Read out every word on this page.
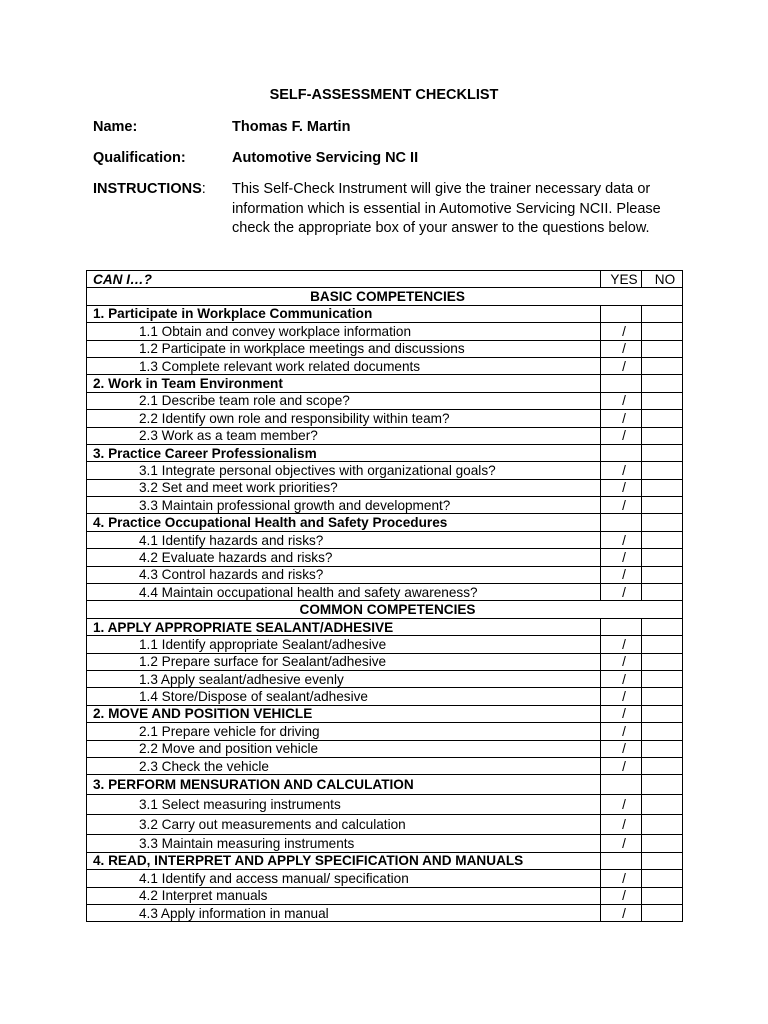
SELF-ASSESSMENT CHECKLIST
Name:	Thomas F. Martin
Qualification:	Automotive Servicing NC II
INSTRUCTIONS: This Self-Check Instrument will give the trainer necessary data or information which is essential in Automotive Servicing NCII. Please check the appropriate box of your answer to the questions below.
CAN I…?	YES	NO
BASIC COMPETENCIES		
1. Participate in Workplace Communication		
1.1 Obtain and convey workplace information	/	
1.2 Participate in workplace meetings and discussions	/	
1.3 Complete relevant work related documents	/	
2. Work in Team Environment		
2.1 Describe team role and scope?	/	
2.2 Identify own role and responsibility within team?	/	
2.3 Work as a team member?	/	
3. Practice Career Professionalism		
3.1 Integrate personal objectives with organizational goals?	/	
3.2 Set and meet work priorities?	/	
3.3 Maintain professional growth and development?	/	
4. Practice Occupational Health and Safety Procedures		
4.1 Identify hazards and risks?	/	
4.2 Evaluate hazards and risks?	/	
4.3 Control hazards and risks?	/	
4.4 Maintain occupational health and safety awareness?	/	
COMMON COMPETENCIES		
1. APPLY APPROPRIATE SEALANT/ADHESIVE		
1.1 Identify appropriate Sealant/adhesive	/	
1.2 Prepare surface for Sealant/adhesive	/	
1.3 Apply sealant/adhesive evenly	/	
1.4 Store/Dispose of sealant/adhesive	/	
2. MOVE AND POSITION VEHICLE	/	
2.1 Prepare vehicle for driving	/	
2.2 Move and position vehicle	/	
2.3 Check the vehicle	/	
3. PERFORM MENSURATION AND CALCULATION		
3.1 Select measuring instruments	/	
3.2 Carry out measurements and calculation	/	
3.3 Maintain measuring instruments	/	
4. READ, INTERPRET AND APPLY SPECIFICATION AND MANUALS		
4.1 Identify and access manual/ specification	/	
4.2 Interpret manuals	/	
4.3 Apply information in manual	/	
